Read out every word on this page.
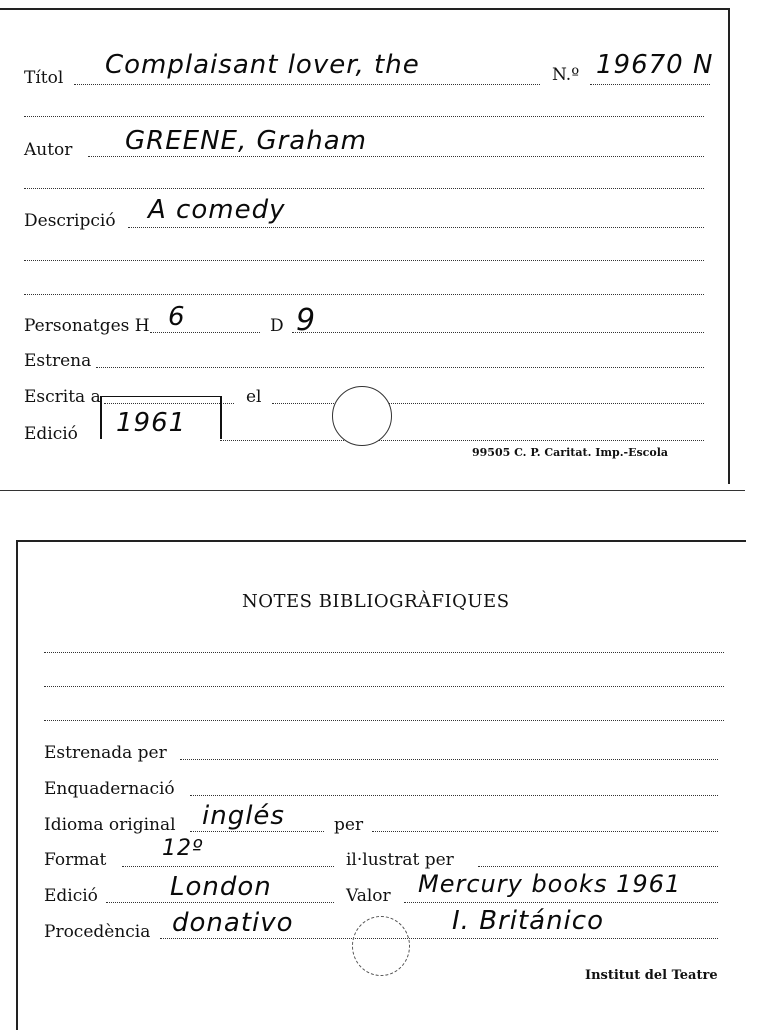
Títol Complaisant lover, the	N.º 19670 N
Autor GREENE, Graham
Descripció A comedy
Personatges H 6	D 9
Estrena
Escrita a	el
Edició 1961
99505 C. P. Caritat. Imp.-Escola
NOTES BIBLIOGRÀFIQUES
Estrenada per
Enquadernació
Idioma original inglés	per
Format	12º	il·lustrat per
Edició	London	Valor Mercury books 1961
Procedència donativo	I. Británico
Institut del Teatre
